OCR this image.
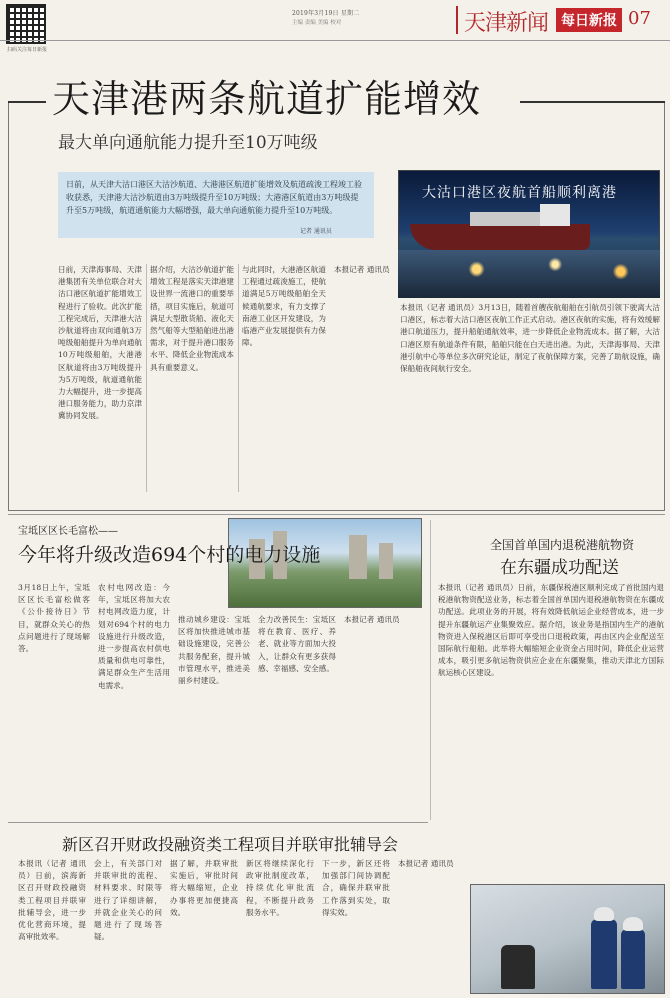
扫码关注每日新报
2019年3月19日 星期二
主编 责编 美编 校对	天津新闻 每日新报 07
天津港两条航道扩能增效
最大单向通航能力提升至10万吨级
日前，从天津大沽口港区大沽沙航道、大港港区航道扩能增效及航道疏浚工程竣工验收获悉，天津港大沽沙航道由3万吨级提升至10万吨级；大港港区航道由3万吨级提升至5万吨级，航道通航能力大幅增强，最大单向通航能力提升至10万吨级。
记者 通讯员
大沽口港区夜航首船顺利离港
日前，天津海事局、天津港集团有关单位联合对大沽口港区航道扩能增效工程进行了验收。此次扩能工程完成后，天津港大沽沙航道将由双向通航3万吨级船舶提升为单向通航10万吨级船舶，大港港区航道将由3万吨级提升为5万吨级，航道通航能力大幅提升，进一步提高港口服务能力，助力京津冀协同发展。
据介绍，大沽沙航道扩能增效工程是落实天津港建设世界一流港口的重要举措，项目实施后，航道可满足大型散货船、液化天然气船等大型船舶进出港需求，对于提升港口服务水平、降低企业物流成本具有重要意义。
与此同时，大港港区航道工程通过疏浚施工，使航道满足5万吨级船舶全天候通航要求，有力支撑了南港工业区开发建设，为临港产业发展提供有力保障。
本报记者 通讯员
本报讯（记者 通讯员）3月13日，随着首艘夜航船舶在引航员引领下驶离大沽口港区，标志着大沽口港区夜航工作正式启动。港区夜航的实施，将有效缓解港口航道压力，提升船舶通航效率，进一步降低企业物流成本。据了解，大沽口港区原有航道条件有限，船舶只能在白天进出港。为此，天津海事局、天津港引航中心等单位多次研究论证，制定了夜航保障方案，完善了助航设施，确保船舶夜间航行安全。
宝坻区区长毛富松——
今年将升级改造694个村的电力设施
3月18日上午，宝坻区区长毛富松做客《公仆接待日》节目，就群众关心的热点问题进行了现场解答。
农村电网改造：今年，宝坻区将加大农村电网改造力度，计划对694个村的电力设施进行升级改造，进一步提高农村供电质量和供电可靠性，满足群众生产生活用电需求。
推动城乡建设：宝坻区将加快推进城市基础设施建设，完善公共服务配套，提升城市管理水平，推进美丽乡村建设。
全力改善民生：宝坻区将在教育、医疗、养老、就业等方面加大投入，让群众有更多获得感、幸福感、安全感。
本报记者 通讯员
全国首单国内退税港航物资
在东疆成功配送
本报讯（记者 通讯员）日前，东疆保税港区顺利完成了首批国内退税港航物资配送业务，标志着全国首单国内退税港航物资在东疆成功配送。此项业务的开展，将有效降低航运企业经营成本，进一步提升东疆航运产业集聚效应。据介绍，该业务是指国内生产的港航物资进入保税港区后即可享受出口退税政策，再由区内企业配送至国际航行船舶。此举将大幅缩短企业资金占用时间，降低企业运营成本，吸引更多航运物资供应企业在东疆聚集，推动天津北方国际航运核心区建设。
新区召开财政投融资类工程项目并联审批辅导会
本报讯（记者 通讯员）日前，滨海新区召开财政投融资类工程项目并联审批辅导会，进一步优化营商环境，提高审批效率。
会上，有关部门对并联审批的流程、材料要求、时限等进行了详细讲解，并就企业关心的问题进行了现场答疑。
据了解，并联审批实施后，审批时间将大幅缩短，企业办事将更加便捷高效。
新区将继续深化行政审批制度改革，持续优化审批流程，不断提升政务服务水平。
下一步，新区还将加强部门间协调配合，确保并联审批工作落到实处，取得实效。
本报记者 通讯员
